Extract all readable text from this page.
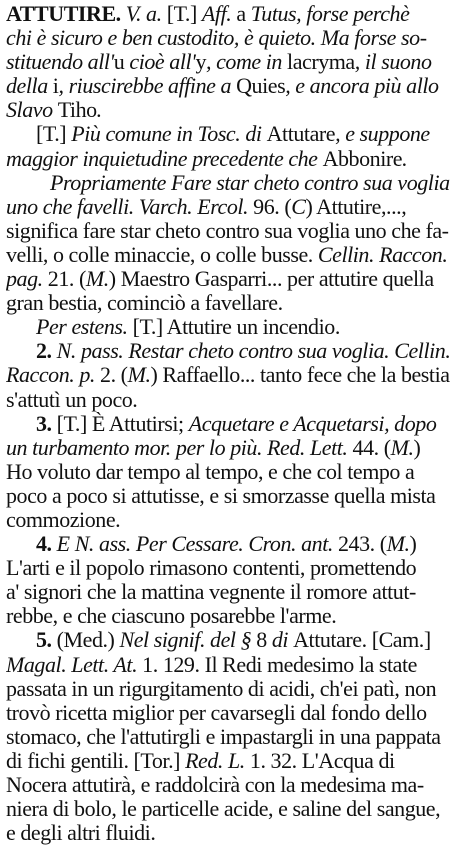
ATTUTIRE. V. a. [T.] Aff. a Tutus, forse perchè
chi è sicuro e ben custodito, è quieto. Ma forse so-
stituendo all'u cioè all'y, come in lacryma, il suono
della i, riuscirebbe affine a Quies, e ancora più allo
Slavo Tiho.
[T.] Più comune in Tosc. di Attutare, e suppone
maggior inquietudine precedente che Abbonire.
Propriamente Fare star cheto contro sua voglia
uno che favelli. Varch. Ercol. 96. (C) Attutire,...,
significa fare star cheto contro sua voglia uno che fa-
velli, o colle minaccie, o colle busse. Cellin. Raccon.
pag. 21. (M.) Maestro Gasparri... per attutire quella
gran bestia, cominciò a favellare.
Per estens. [T.] Attutire un incendio.
2. N. pass. Restar cheto contro sua voglia. Cellin.
Raccon. p. 2. (M.) Raffaello... tanto fece che la bestia
s'attutì un poco.
3. [T.] È Attutirsi; Acquetare e Acquetarsi, dopo
un turbamento mor. per lo più. Red. Lett. 44. (M.)
Ho voluto dar tempo al tempo, e che col tempo a
poco a poco si attutisse, e si smorzasse quella mista
commozione.
4. E N. ass. Per Cessare. Cron. ant. 243. (M.)
L'arti e il popolo rimasono contenti, promettendo
a' signori che la mattina vegnente il romore attut-
rebbe, e che ciascuno posarebbe l'arme.
5. (Med.) Nel signif. del § 8 di Attutare. [Cam.]
Magal. Lett. At. 1. 129. Il Redi medesimo la state
passata in un rigurgitamento di acidi, ch'ei patì, non
trovò ricetta miglior per cavarsegli dal fondo dello
stomaco, che l'attutirgli e impastargli in una pappata
di fichi gentili. [Tor.] Red. L. 1. 32. L'Acqua di
Nocera attutirà, e raddolcirà con la medesima ma-
niera di bolo, le particelle acide, e saline del sangue,
e degli altri fluidi.
